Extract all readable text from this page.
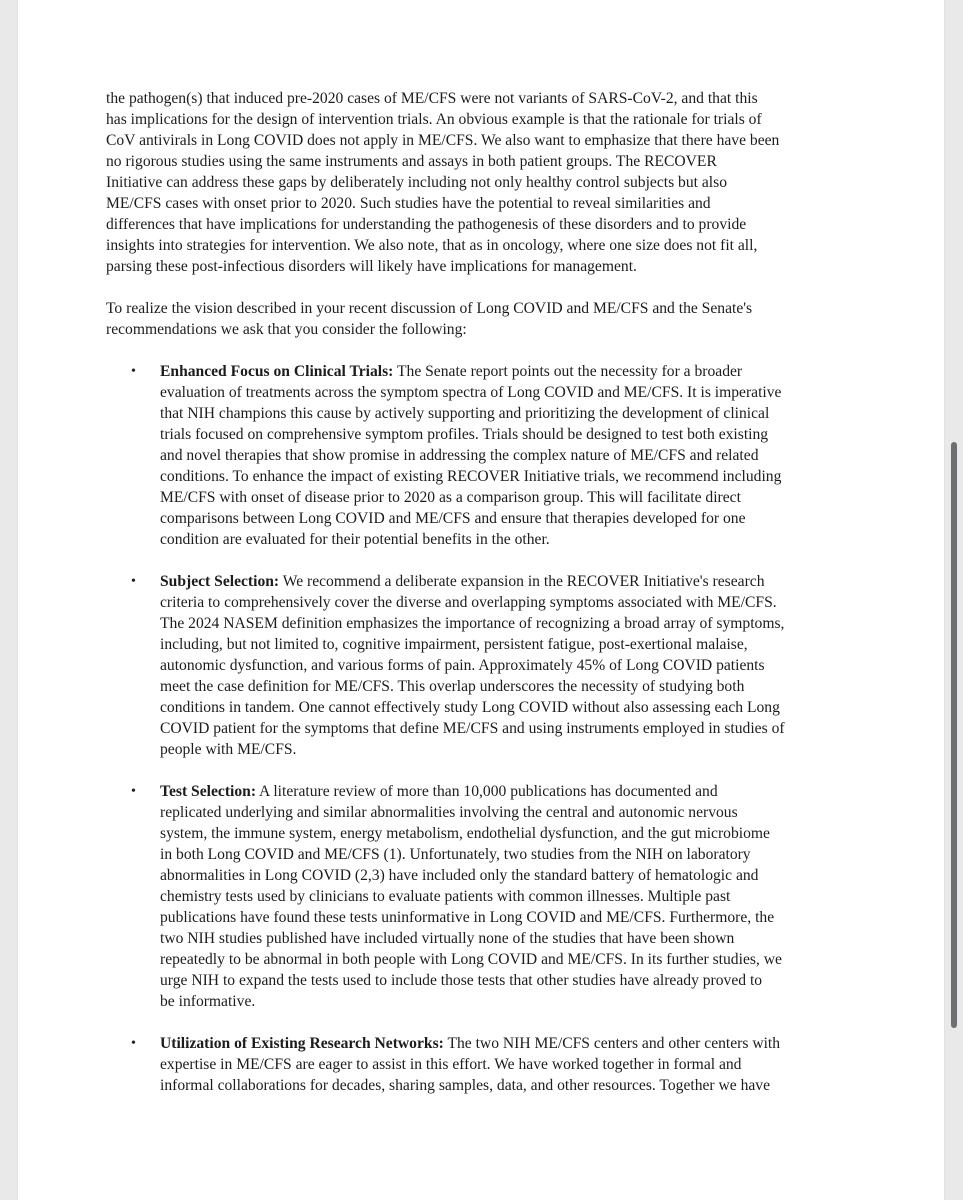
the pathogen(s) that induced pre-2020 cases of ME/CFS were not variants of SARS-CoV-2, and that this
has implications for the design of intervention trials. An obvious example is that the rationale for trials of
CoV antivirals in Long COVID does not apply in ME/CFS. We also want to emphasize that there have been
no rigorous studies using the same instruments and assays in both patient groups. The RECOVER
Initiative can address these gaps by deliberately including not only healthy control subjects but also
ME/CFS cases with onset prior to 2020. Such studies have the potential to reveal similarities and
differences that have implications for understanding the pathogenesis of these disorders and to provide
insights into strategies for intervention. We also note, that as in oncology, where one size does not fit all,
parsing these post-infectious disorders will likely have implications for management.

To realize the vision described in your recent discussion of Long COVID and ME/CFS and the Senate's
recommendations we ask that you consider the following:

• Enhanced Focus on Clinical Trials: The Senate report points out the necessity for a broader
evaluation of treatments across the symptom spectra of Long COVID and ME/CFS. It is imperative
that NIH champions this cause by actively supporting and prioritizing the development of clinical
trials focused on comprehensive symptom profiles. Trials should be designed to test both existing
and novel therapies that show promise in addressing the complex nature of ME/CFS and related
conditions. To enhance the impact of existing RECOVER Initiative trials, we recommend including
ME/CFS with onset of disease prior to 2020 as a comparison group. This will facilitate direct
comparisons between Long COVID and ME/CFS and ensure that therapies developed for one
condition are evaluated for their potential benefits in the other.
• Subject Selection: We recommend a deliberate expansion in the RECOVER Initiative's research
criteria to comprehensively cover the diverse and overlapping symptoms associated with ME/CFS.
The 2024 NASEM definition emphasizes the importance of recognizing a broad array of symptoms,
including, but not limited to, cognitive impairment, persistent fatigue, post-exertional malaise,
autonomic dysfunction, and various forms of pain. Approximately 45% of Long COVID patients
meet the case definition for ME/CFS. This overlap underscores the necessity of studying both
conditions in tandem. One cannot effectively study Long COVID without also assessing each Long
COVID patient for the symptoms that define ME/CFS and using instruments employed in studies of
people with ME/CFS.
• Test Selection: A literature review of more than 10,000 publications has documented and
replicated underlying and similar abnormalities involving the central and autonomic nervous
system, the immune system, energy metabolism, endothelial dysfunction, and the gut microbiome
in both Long COVID and ME/CFS (1). Unfortunately, two studies from the NIH on laboratory
abnormalities in Long COVID (2,3) have included only the standard battery of hematologic and
chemistry tests used by clinicians to evaluate patients with common illnesses. Multiple past
publications have found these tests uninformative in Long COVID and ME/CFS. Furthermore, the
two NIH studies published have included virtually none of the studies that have been shown
repeatedly to be abnormal in both people with Long COVID and ME/CFS. In its further studies, we
urge NIH to expand the tests used to include those tests that other studies have already proved to
be informative.
• Utilization of Existing Research Networks: The two NIH ME/CFS centers and other centers with
expertise in ME/CFS are eager to assist in this effort. We have worked together in formal and
informal collaborations for decades, sharing samples, data, and other resources. Together we have
